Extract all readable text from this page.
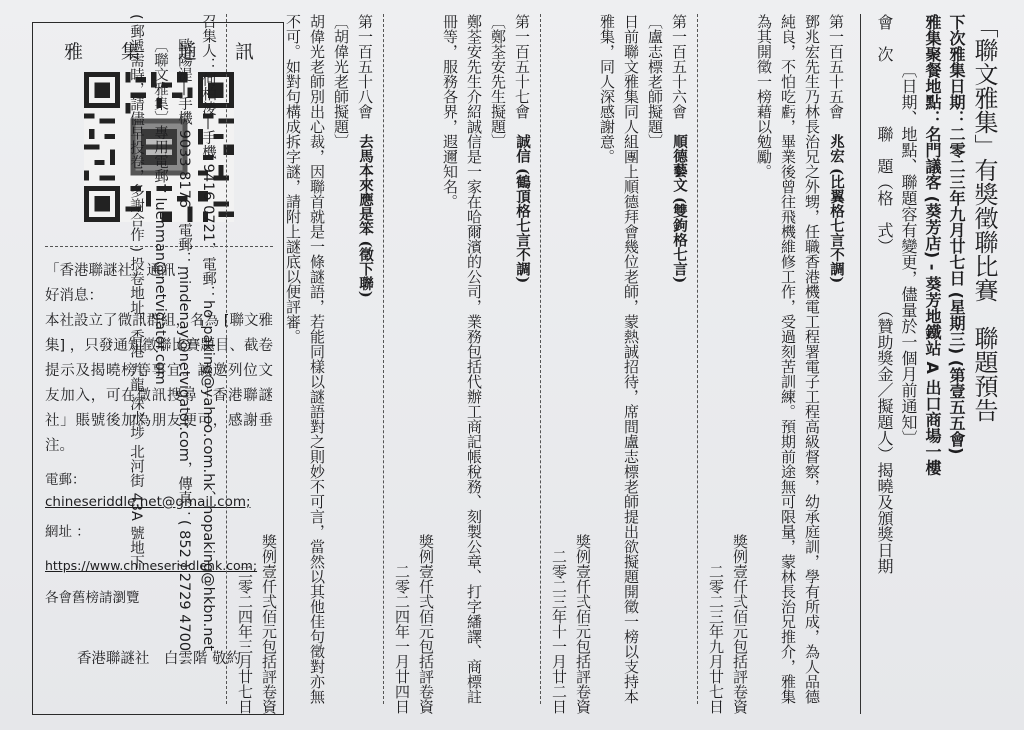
雅 集 通 訊
「香港聯謎社」通訊：
好消息：
本社設立了微訊群組，名為 [聯文雅集] ，只發通知徵聯比賽題目、截卷提示及揭曉榜等事宜。誠邀列位文友加入，可在微訊搜尋「香港聯謎社」賬號後加為朋友便可，感謝垂注。
電郵：chineseriddle.net@gmail.com;
網址 ：
https://www.chineseriddlehk.com;
各會舊榜請瀏覽
香港聯謎社　白雲階 敬約
「聯文雅集」有獎徵聯比賽　聯題預告
下次雅集日期：二零二三年九月廿七日 (星期三) (第壹五五會)
雅集聚餐地點：名門議客 (葵芳店) - 葵芳地鐵站 A 出口商場一樓
〔日期、地點、聯題容有變更，儘量於一個月前通知〕
會　次　　　　聯　題（格　式）　　　　（贊助獎金／擬題人）揭曉及頒獎日期
第一百五十五會　兆宏 (比翼格七言不調)
鄧兆宏先生乃林長治兄之外甥，任職香港機電工程署電子工程高級督察，幼承庭訓，學有所成，為人品德純良，不怕吃虧，畢業後曾往飛機維修工作，受過刻苦訓練。預期前途無可限量，蒙林長治兄推介，雅集為其開徵一榜藉以勉勵。
獎例壹仟弍佰元包括評卷資
二零二三年九月廿七日
第一百五十六會　順德藝文 (雙鉤格七言)
〔盧志標老師擬題〕
日前聯文雅集同人組團上順德拜會幾位老師，蒙熱誠招待，席間盧志標老師提出欲擬題開徵一榜以支持本雅集，同人深感謝意。
獎例壹仟弍佰元包括評卷資
二零二三年十一月廿二日
第一百五十七會　誠信 (鶴頂格七言不調)
〔鄭荃安先生擬題〕
鄭荃安先生介紹誠信是一家在哈爾濱的公司，業務包括代辦工商記帳稅務、刻製公章、打字繙譯、商標註冊等，服務各界，遐邇知名。
獎例壹仟弍佰元包括評卷資
二零二四年一月廿四日
第一百五十八會　去馬本來應是笨 (徵下聯)
〔胡偉光老師擬題〕
胡偉光老師別出心裁，因聯首就是一條謎語，若能同樣以謎語對之則妙不可言，當然以其他佳句徵對亦無不可。如對句構成拆字謎，請附上謎底以便評審。
獎例壹仟弍佰元包括評卷資
二零二四年三月廿七日
召集人：何柏淩—手機 9416 0721，電郵：ho_paking@yahoo.com.hk、hopaking@hkbn.net
歐陽湜—手機 9033 8176，電郵：mindenay@netvigator.com，傳真：( 852 ) 2729 4700
〔聯文雅集〕專用電郵：luenman@netvigator.com
( 郵遞需時，請儘早投卷，多謝合作 ) 投卷地址：香港 九龍 深水埗 北河街 43A 號地下
